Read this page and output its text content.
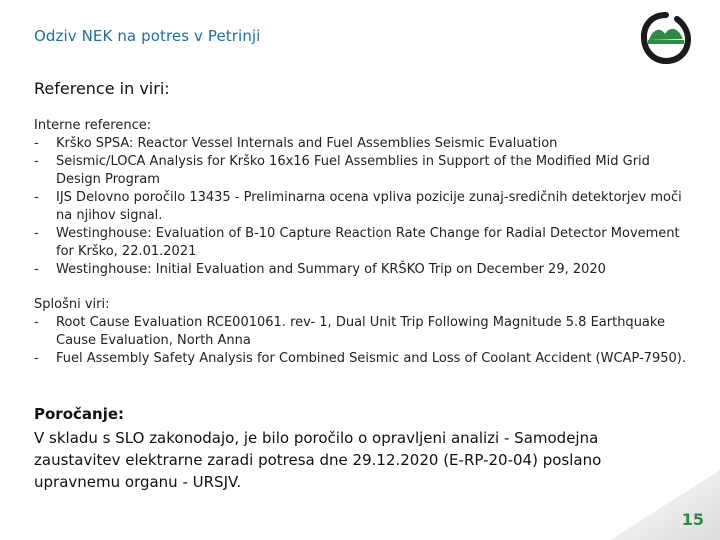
Odziv NEK na potres v Petrinji
Reference in viri:
Interne reference:
- Krško SPSA: Reactor Vessel Internals and Fuel Assemblies Seismic Evaluation
- Seismic/LOCA Analysis for Krško 16x16 Fuel Assemblies in Support of the Modified Mid Grid Design Program
- IJS Delovno poročilo 13435 - Preliminarna ocena vpliva pozicije zunaj-sredičnih detektorjev moči na njihov signal.
- Westinghouse: Evaluation of B-10 Capture Reaction Rate Change for Radial Detector Movement for Krško, 22.01.2021
- Westinghouse: Initial Evaluation and Summary of KRŠKO Trip on December 29, 2020
Splošni viri:
- Root Cause Evaluation RCE001061. rev- 1, Dual Unit Trip Following Magnitude 5.8 Earthquake Cause Evaluation, North Anna
- Fuel Assembly Safety Analysis for Combined Seismic and Loss of Coolant Accident (WCAP-7950).
Poročanje:
V skladu s SLO zakonodajo, je bilo poročilo o opravljeni analizi - Samodejna zaustavitev elektrarne zaradi potresa dne 29.12.2020 (E-RP-20-04) poslano upravnemu organu - URSJV.
15
